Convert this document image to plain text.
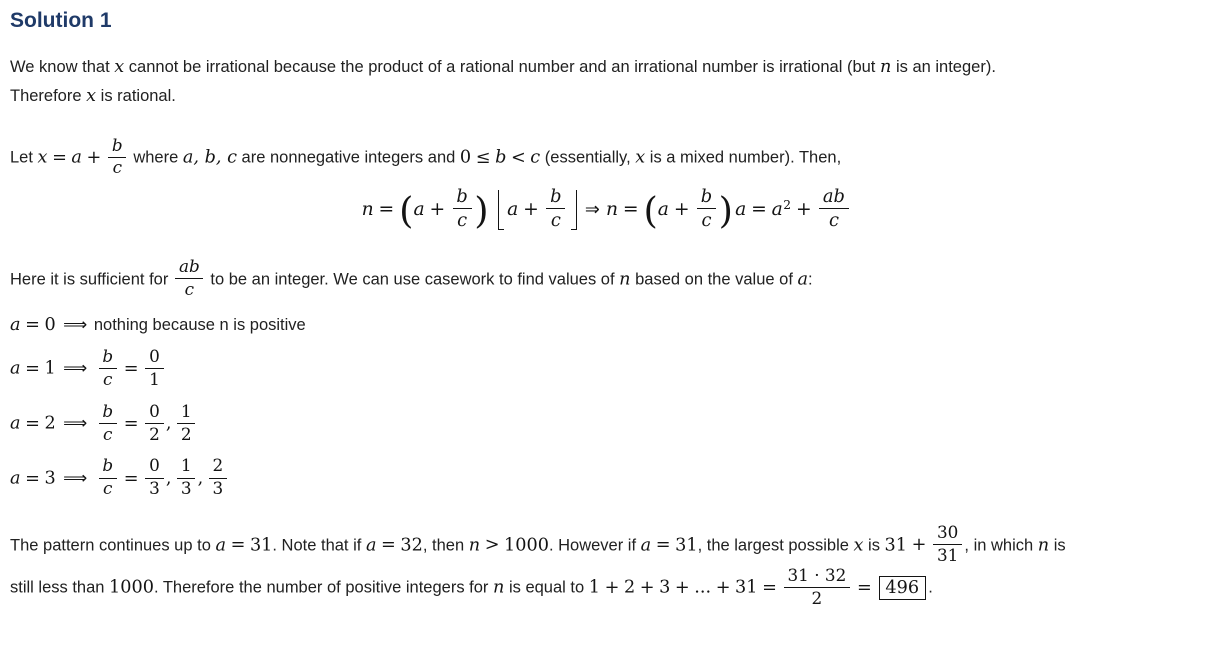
Solution 1
We know that x cannot be irrational because the product of a rational number and an irrational number is irrational (but n is an integer).
Therefore x is rational.
Let $x = a + \frac{b}{c}$ where a, b, c are nonnegative integers and 0 ≤ b < c (essentially, x is a mixed number). Then,
$n = (a + \frac{b}{c}$ ) $a + \frac{b}{c}$ ⇒ $n = (a + \frac{b}{c}$ ) $a = a^2 + \frac{ab}{c}$
Here it is sufficient for $\frac{ab}{c}$ to be an integer. We can use casework to find values of n based on the value of a:
a = 0 ⟹ nothing because n is positive
a = 1 ⟹ $\frac{b}{c} = \frac{0}{1}$
a = 2 ⟹ $\frac{b}{c} = \frac{0}{2}$ , $\frac{1}{2}$
a = 3 ⟹ $\frac{b}{c} = \frac{0}{3}$ , $\frac{1}{3}$ , $\frac{2}{3}$
The pattern continues up to a = 31. Note that if a = 32, then n > 1000. However if a = 31, the largest possible x is $31 + \frac{30}{31}$ , in which n is
still less than 1000. Therefore the number of positive integers for n is equal to 1 + 2 + 3 + ... + $31 = \frac{31 \cdot 32}{2} = 496$ .
